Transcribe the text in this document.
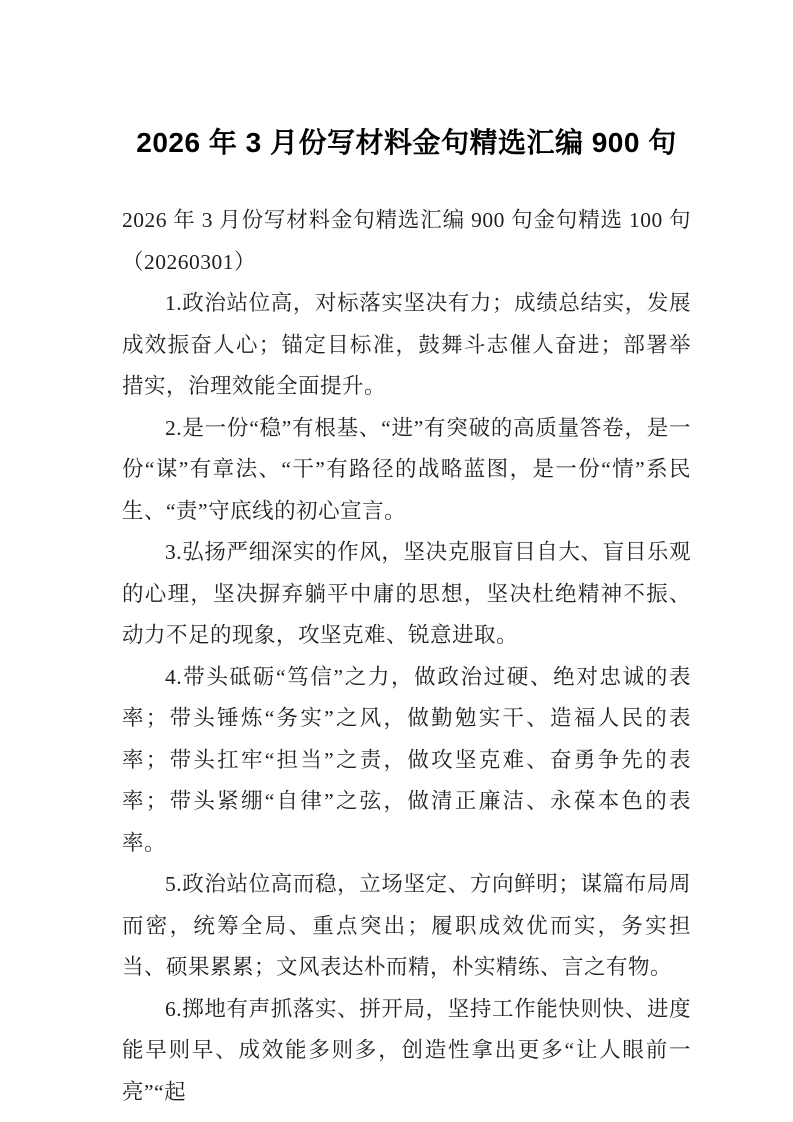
2026 年 3 月份写材料金句精选汇编 900 句

2026 年 3 月份写材料金句精选汇编 900 句金句精选 100 句（20260301）

1.政治站位高，对标落实坚决有力；成绩总结实，发展成效振奋人心；锚定目标准，鼓舞斗志催人奋进；部署举措实，治理效能全面提升。

2.是一份“稳”有根基、“进”有突破的高质量答卷，是一份“谋”有章法、“干”有路径的战略蓝图，是一份“情”系民生、“责”守底线的初心宣言。

3.弘扬严细深实的作风，坚决克服盲目自大、盲目乐观的心理，坚决摒弃躺平中庸的思想，坚决杜绝精神不振、动力不足的现象，攻坚克难、锐意进取。

4.带头砥砺“笃信”之力，做政治过硬、绝对忠诚的表率；带头锤炼“务实”之风，做勤勉实干、造福人民的表率；带头扛牢“担当”之责，做攻坚克难、奋勇争先的表率；带头紧绷“自律”之弦，做清正廉洁、永葆本色的表率。

5.政治站位高而稳，立场坚定、方向鲜明；谋篇布局周而密，统筹全局、重点突出；履职成效优而实，务实担当、硕果累累；文风表达朴而精，朴实精练、言之有物。

6.掷地有声抓落实、拼开局，坚持工作能快则快、进度能早则早、成效能多则多，创造性拿出更多“让人眼前一亮”“起
